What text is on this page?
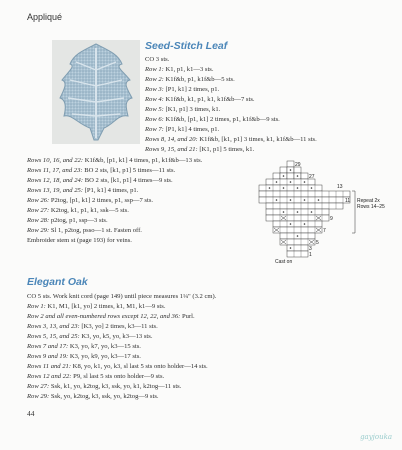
Appliqué
Seed-Stitch Leaf
CO 3 sts.
Row 1: K1, p1, k1—3 sts.
Row 2: K1f&b, p1, k1f&b—5 sts.
Row 3: [P1, k1] 2 times, p1.
Row 4: K1f&b, k1, p1, k1, k1f&b—7 sts.
Row 5: [K1, p1] 3 times, k1.
Row 6: K1f&b, [p1, k1] 2 times, p1, k1f&b—9 sts.
Row 7: [P1, k1] 4 times, p1.
Rows 8, 14, and 20: K1f&b, [k1, p1] 3 times, k1, k1f&b—11 sts.
Rows 9, 15, and 21: [K1, p1] 5 times, k1.
Rows 10, 16, and 22: K1f&b, [p1, k1] 4 times, p1, k1f&b—13 sts.
Rows 11, 17, and 23: BO 2 sts, [k1, p1] 5 times—11 sts.
Rows 12, 18, and 24: BO 2 sts, [k1, p1] 4 times—9 sts.
Rows 13, 19, and 25: [P1, k1] 4 times, p1.
Row 26: P2tog, [p1, k1] 2 times, p1, ssp—7 sts.
Row 27: K2tog, k1, p1, k1, ssk—5 sts.
Row 28: p2tog, p1, ssp—3 sts.
Row 29: Sl 1, p2tog, psso—1 st. Fasten off.
Embroider stem st (page 193) for veins.
29
27
13
11 Repeat 2x
Rows 14–25
9
7
5
3
1
Cast on
Elegant Oak
CO 5 sts. Work knit cord (page 149) until piece measures 1¼" (3.2 cm).
Row 1: K1, M1, [k1, yo] 2 times, k1, M1, k1—9 sts.
Row 2 and all even-numbered rows except 12, 22, and 36: Purl.
Rows 3, 13, and 23: [K3, yo] 2 times, k3—11 sts.
Rows 5, 15, and 25: K3, yo, k5, yo, k3—13 sts.
Rows 7 and 17: K3, yo, k7, yo, k3—15 sts.
Rows 9 and 19: K3, yo, k9, yo, k3—17 sts.
Rows 11 and 21: K8, yo, k1, yo, k3, sl last 5 sts onto holder—14 sts.
Rows 12 and 22: P9, sl last 5 sts onto holder—9 sts.
Row 27: Ssk, k1, yo, k2tog, k3, ssk, yo, k1, k2tog—11 sts.
Row 29: Ssk, yo, k2tog, k3, ssk, yo, k2tog—9 sts.
44
gayjouka
